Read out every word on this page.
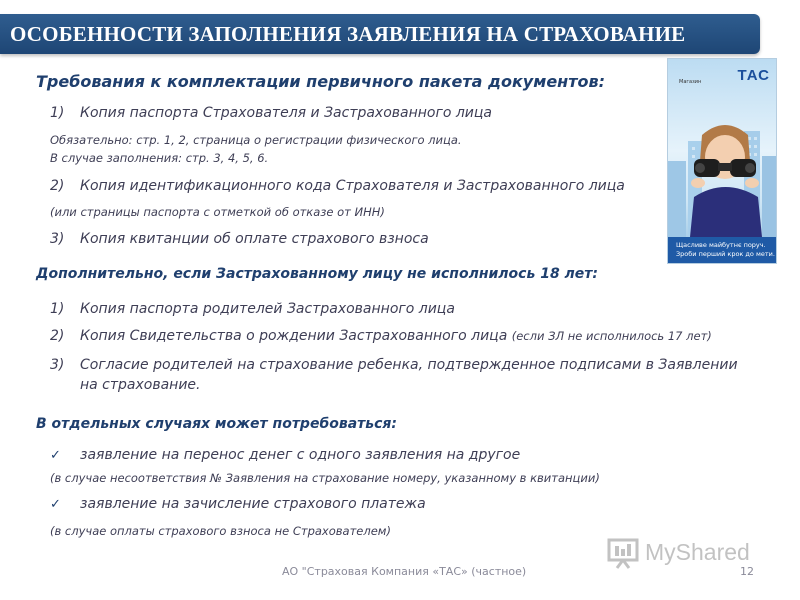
ОСОБЕННОСТИ ЗАПОЛНЕНИЯ ЗАЯВЛЕНИЯ НА СТРАХОВАНИЕ
Требования к комплектации первичного пакета документов:
1) Копия паспорта Страхователя и Застрахованного лица
Обязательно: стр. 1, 2, страница о регистрации физического лица.
В случае заполнения: стр. 3, 4, 5, 6.
2) Копия идентификационного кода Страхователя и Застрахованного лица
(или страницы паспорта с отметкой об отказе от ИНН)
3) Копия квитанции об оплате страхового взноса
Дополнительно, если Застрахованному лицу не исполнилось 18 лет:
1) Копия паспорта родителей Застрахованного лица
2) Копия Свидетельства о рождении Застрахованного лица (если ЗЛ не исполнилось 17 лет)
3) Согласие родителей на страхование ребенка, подтвержденное подписами в Заявлении
на страхование.
В отдельных случаях может потребоваться:
✓ заявление на перенос денег с одного заявления на другое
(в случае несоответствия № Заявления на страхование номеру, указанному в квитанции)
✓ заявление на зачисление страхового платежа
(в случае оплаты страхового взноса не Страхователем)
Магазин ТАС
Щасливе майбутнє поруч.
Зроби перший крок до мети.
MyShared
АО "Страховая Компания «ТАС» (частное)	12
